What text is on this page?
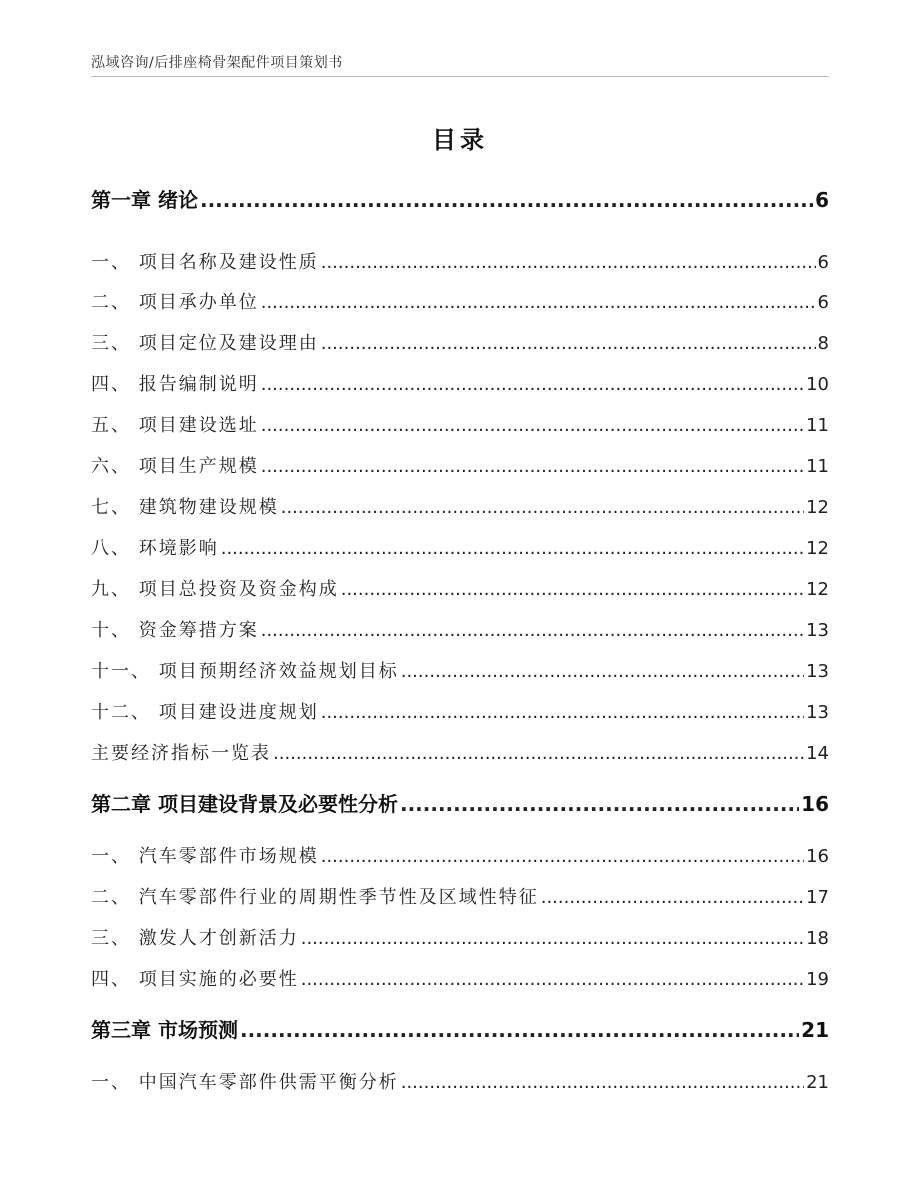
泓域咨询/后排座椅骨架配件项目策划书
目录
第一章 绪论 .....	6
一、 项目名称及建设性质 .....	6
二、 项目承办单位 .....	6
三、 项目定位及建设理由 .....	8
四、 报告编制说明 .....	10
五、 项目建设选址 .....	11
六、 项目生产规模 .....	11
七、 建筑物建设规模 .....	12
八、 环境影响 .....	12
九、 项目总投资及资金构成 .....	12
十、 资金筹措方案 .....	13
十一、 项目预期经济效益规划目标 .....	13
十二、 项目建设进度规划 .....	13
主要经济指标一览表 .....	14
第二章 项目建设背景及必要性分析 .....	16
一、 汽车零部件市场规模 .....	16
二、 汽车零部件行业的周期性季节性及区域性特征 .....	17
三、 激发人才创新活力 .....	18
四、 项目实施的必要性 .....	19
第三章 市场预测 .....	21
一、 中国汽车零部件供需平衡分析 .....	21
